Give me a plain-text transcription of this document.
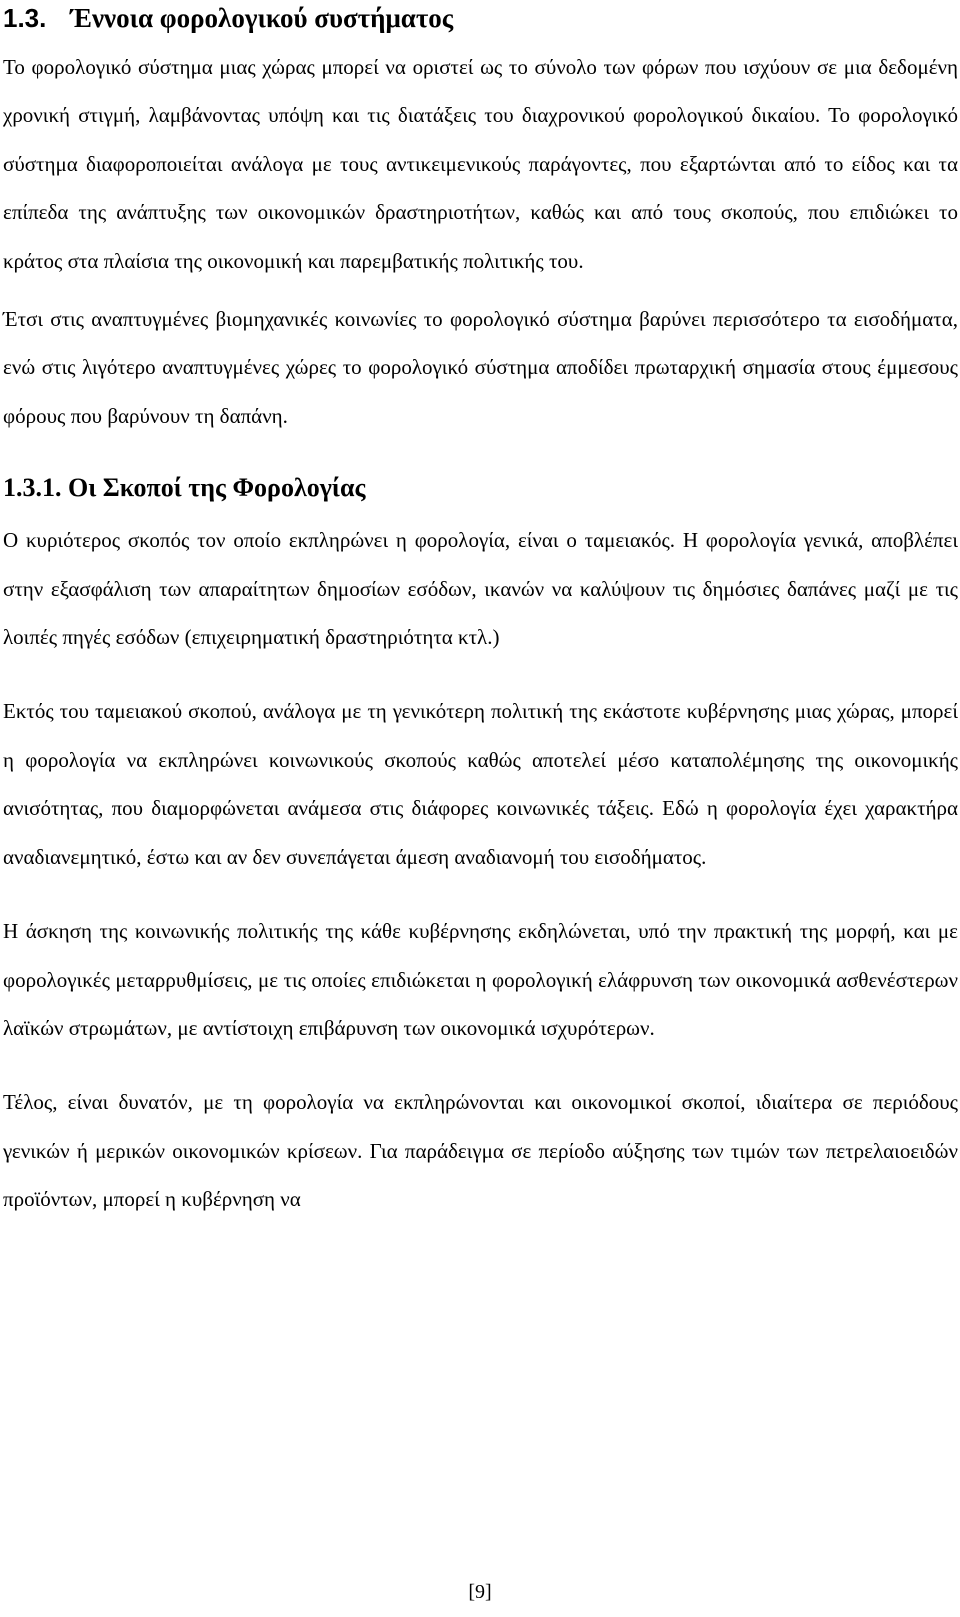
1.3. Έννοια φορολογικού συστήματος

Το φορολογικό σύστημα μιας χώρας μπορεί να οριστεί ως το σύνολο των φόρων που ισχύουν σε μια δεδομένη χρονική στιγμή, λαμβάνοντας υπόψη και τις διατάξεις του διαχρονικού φορολογικού δικαίου. Το φορολογικό σύστημα διαφοροποιείται ανάλογα με τους αντικειμενικούς παράγοντες, που εξαρτώνται από το είδος και τα επίπεδα της ανάπτυξης των οικονομικών δραστηριοτήτων, καθώς και από τους σκοπούς, που επιδιώκει το κράτος στα πλαίσια της οικονομική και παρεμβατικής πολιτικής του.

Έτσι στις αναπτυγμένες βιομηχανικές κοινωνίες το φορολογικό σύστημα βαρύνει περισσότερο τα εισοδήματα, ενώ στις λιγότερο αναπτυγμένες χώρες το φορολογικό σύστημα αποδίδει πρωταρχική σημασία στους έμμεσους φόρους που βαρύνουν τη δαπάνη.

1.3.1. Οι Σκοποί της Φορολογίας

Ο κυριότερος σκοπός τον οποίο εκπληρώνει η φορολογία, είναι ο ταμειακός. Η φορολογία γενικά, αποβλέπει στην εξασφάλιση των απαραίτητων δημοσίων εσόδων, ικανών να καλύψουν τις δημόσιες δαπάνες μαζί με τις λοιπές πηγές εσόδων (επιχειρηματική δραστηριότητα κτλ.)

Εκτός του ταμειακού σκοπού, ανάλογα με τη γενικότερη πολιτική της εκάστοτε κυβέρνησης μιας χώρας, μπορεί η φορολογία να εκπληρώνει κοινωνικούς σκοπούς καθώς αποτελεί μέσο καταπολέμησης της οικονομικής ανισότητας, που διαμορφώνεται ανάμεσα στις διάφορες κοινωνικές τάξεις. Εδώ η φορολογία έχει χαρακτήρα αναδιανεμητικό, έστω και αν δεν συνεπάγεται άμεση αναδιανομή του εισοδήματος.

Η άσκηση της κοινωνικής πολιτικής της κάθε κυβέρνησης εκδηλώνεται, υπό την πρακτική της μορφή, και με φορολογικές μεταρρυθμίσεις, με τις οποίες επιδιώκεται η φορολογική ελάφρυνση των οικονομικά ασθενέστερων λαϊκών στρωμάτων, με αντίστοιχη επιβάρυνση των οικονομικά ισχυρότερων.

Τέλος, είναι δυνατόν, με τη φορολογία να εκπληρώνονται και οικονομικοί σκοποί, ιδιαίτερα σε περιόδους γενικών ή μερικών οικονομικών κρίσεων. Για παράδειγμα σε περίοδο αύξησης των τιμών των πετρελαιοειδών προϊόντων, μπορεί η κυβέρνηση να

[9]
